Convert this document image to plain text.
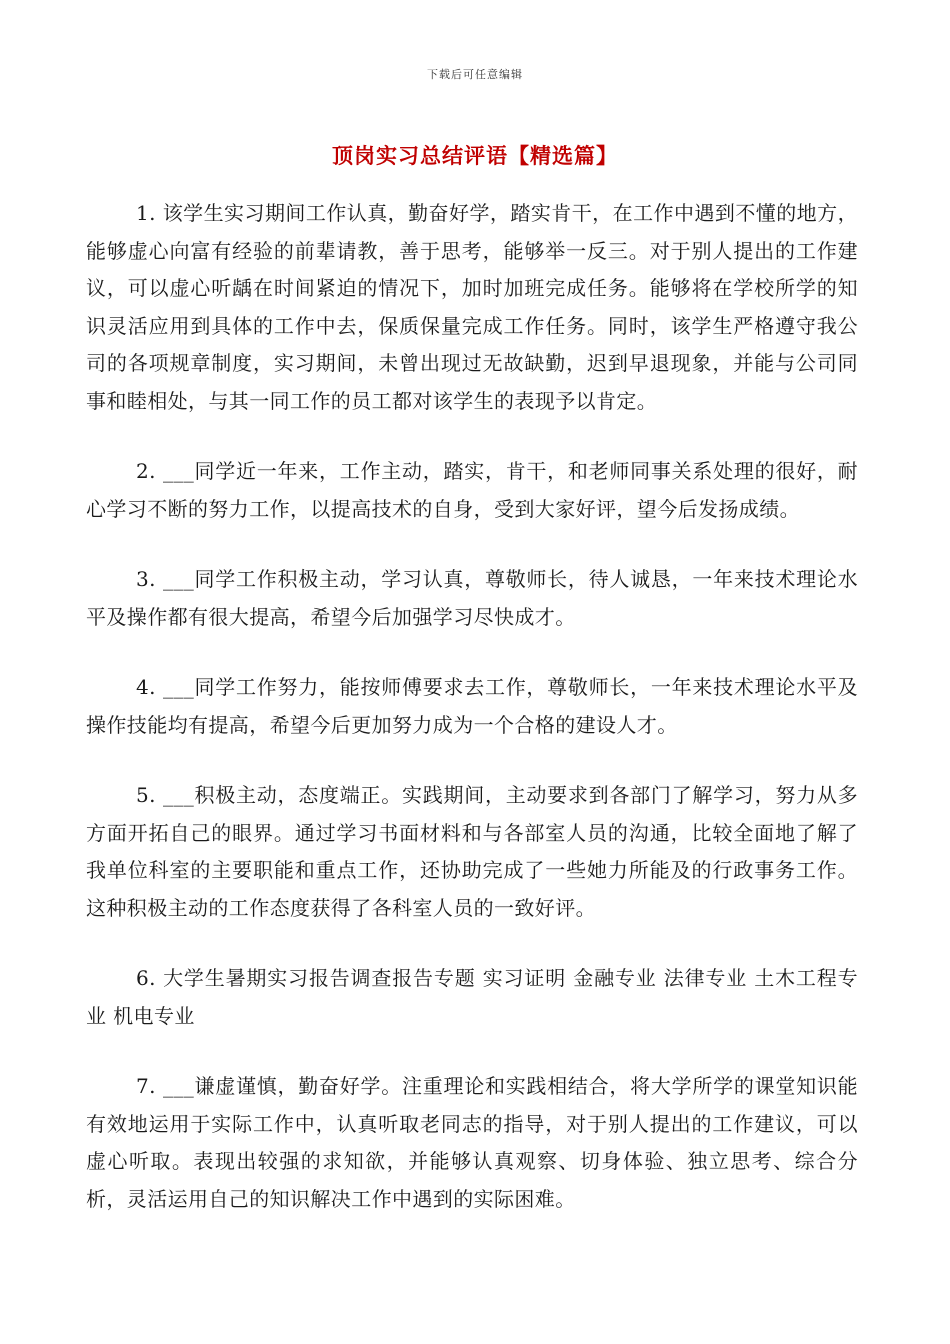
下载后可任意编辑
顶岗实习总结评语【精选篇】

1. 该学生实习期间工作认真，勤奋好学，踏实肯干，在工作中遇到不懂的地方，能够虚心向富有经验的前辈请教，善于思考，能够举一反三。对于别人提出的工作建议，可以虚心听龋在时间紧迫的情况下，加时加班完成任务。能够将在学校所学的知识灵活应用到具体的工作中去，保质保量完成工作任务。同时，该学生严格遵守我公司的各项规章制度，实习期间，未曾出现过无故缺勤，迟到早退现象，并能与公司同事和睦相处，与其一同工作的员工都对该学生的表现予以肯定。

2. ___同学近一年来，工作主动，踏实，肯干，和老师同事关系处理的很好，耐心学习不断的努力工作，以提高技术的自身，受到大家好评，望今后发扬成绩。

3. ___同学工作积极主动，学习认真，尊敬师长，待人诚恳，一年来技术理论水平及操作都有很大提高，希望今后加强学习尽快成才。

4. ___同学工作努力，能按师傅要求去工作，尊敬师长，一年来技术理论水平及操作技能均有提高，希望今后更加努力成为一个合格的建设人才。

5. ___积极主动，态度端正。实践期间，主动要求到各部门了解学习，努力从多方面开拓自己的眼界。通过学习书面材料和与各部室人员的沟通，比较全面地了解了我单位科室的主要职能和重点工作，还协助完成了一些她力所能及的行政事务工作。这种积极主动的工作态度获得了各科室人员的一致好评。

6. 大学生暑期实习报告调查报告专题 实习证明 金融专业 法律专业 土木工程专业 机电专业

7. ___谦虚谨慎，勤奋好学。注重理论和实践相结合，将大学所学的课堂知识能有效地运用于实际工作中，认真听取老同志的指导，对于别人提出的工作建议，可以虚心听取。表现出较强的求知欲，并能够认真观察、切身体验、独立思考、综合分析，灵活运用自己的知识解决工作中遇到的实际困难。
